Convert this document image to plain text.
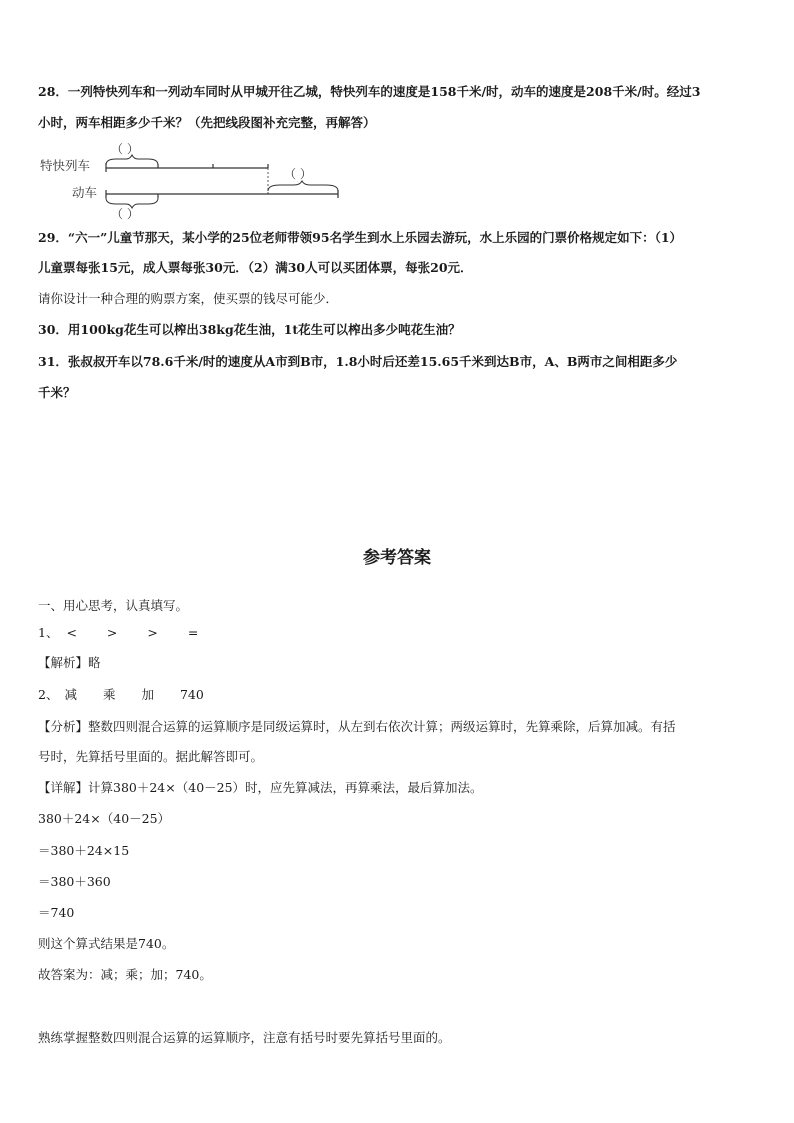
28．一列特快列车和一列动车同时从甲城开往乙城，特快列车的速度是158千米/时，动车的速度是208千米/时。经过3
小时，两车相距多少千米？（先把线段图补充完整，再解答）
特快列车
动车
（ ）
（ ）
（ ）
29．“六一”儿童节那天，某小学的25位老师带领95名学生到水上乐园去游玩，水上乐园的门票价格规定如下：（1）
儿童票每张15元，成人票每张30元．（2）满30人可以买团体票，每张20元．
请你设计一种合理的购票方案，使买票的钱尽可能少．
30．用100kg花生可以榨出38kg花生油，1t花生可以榨出多少吨花生油？
31．张叔叔开车以78.6千米/时的速度从A市到B市，1.8小时后还差15.65千米到达B市，A、B两市之间相距多少
千米？
参考答案
一、用心思考，认真填写。
1、 < > > =
【解析】略
2、 减 乘 加 740
【分析】整数四则混合运算的运算顺序是同级运算时，从左到右依次计算；两级运算时，先算乘除，后算加减。有括
号时，先算括号里面的。据此解答即可。
【详解】计算380＋24×（40－25）时，应先算减法，再算乘法，最后算加法。
380＋24×（40－25）
＝380＋24×15
＝380＋360
＝740
则这个算式结果是740。
故答案为：减；乘；加；740。
熟练掌握整数四则混合运算的运算顺序，注意有括号时要先算括号里面的。
